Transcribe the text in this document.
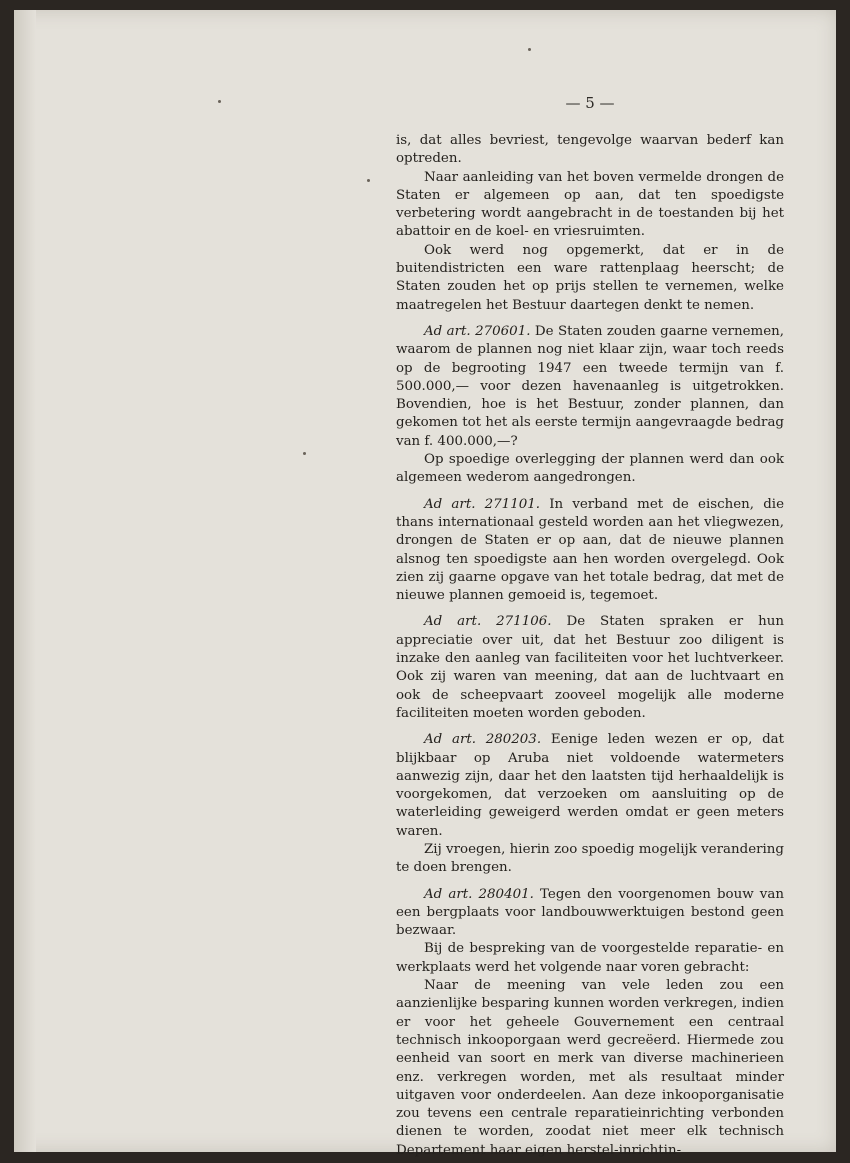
— 5 —

is, dat alles bevriest, tengevolge waarvan bederf kan optreden.

Naar aanleiding van het boven vermelde drongen de Staten er algemeen op aan, dat ten spoedigste verbetering wordt aangebracht in de toestanden bij het abattoir en de koel- en vriesruimten.

Ook werd nog opgemerkt, dat er in de buitendistricten een ware rattenplaag heerscht; de Staten zouden het op prijs stellen te vernemen, welke maatregelen het Bestuur daartegen denkt te nemen.

Ad art. 270601. De Staten zouden gaarne vernemen, waarom de plannen nog niet klaar zijn, waar toch reeds op de begrooting 1947 een tweede termijn van f. 500.000,— voor dezen havenaanleg is uitgetrokken. Bovendien, hoe is het Bestuur, zonder plannen, dan gekomen tot het als eerste termijn aangevraagde bedrag van f. 400.000,—?

Op spoedige overlegging der plannen werd dan ook algemeen wederom aangedrongen.

Ad art. 271101. In verband met de eischen, die thans internationaal gesteld worden aan het vliegwezen, drongen de Staten er op aan, dat de nieuwe plannen alsnog ten spoedigste aan hen worden overgelegd. Ook zien zij gaarne opgave van het totale bedrag, dat met de nieuwe plannen gemoeid is, tegemoet.

Ad art. 271106. De Staten spraken er hun appreciatie over uit, dat het Bestuur zoo diligent is inzake den aanleg van faciliteiten voor het luchtverkeer. Ook zij waren van meening, dat aan de luchtvaart en ook de scheepvaart zooveel mogelijk alle moderne faciliteiten moeten worden geboden.

Ad art. 280203. Eenige leden wezen er op, dat blijkbaar op Aruba niet voldoende watermeters aanwezig zijn, daar het den laatsten tijd herhaaldelijk is voorgekomen, dat verzoeken om aansluiting op de waterleiding geweigerd werden omdat er geen meters waren.

Zij vroegen, hierin zoo spoedig mogelijk verandering te doen brengen.

Ad art. 280401. Tegen den voorgenomen bouw van een bergplaats voor landbouwwerktuigen bestond geen bezwaar.

Bij de bespreking van de voorgestelde reparatie- en werkplaats werd het volgende naar voren gebracht:

Naar de meening van vele leden zou een aanzienlijke besparing kunnen worden verkregen, indien er voor het geheele Gouvernement een centraal technisch inkooporgaan werd gecreëerd. Hiermede zou eenheid van soort en merk van diverse machinerieen enz. verkregen worden, met als resultaat minder uitgaven voor onderdeelen. Aan deze inkooporganisatie zou tevens een centrale reparatieinrichting verbonden dienen te worden, zoodat niet meer elk technisch Departement haar eigen herstel-inrichtin-
